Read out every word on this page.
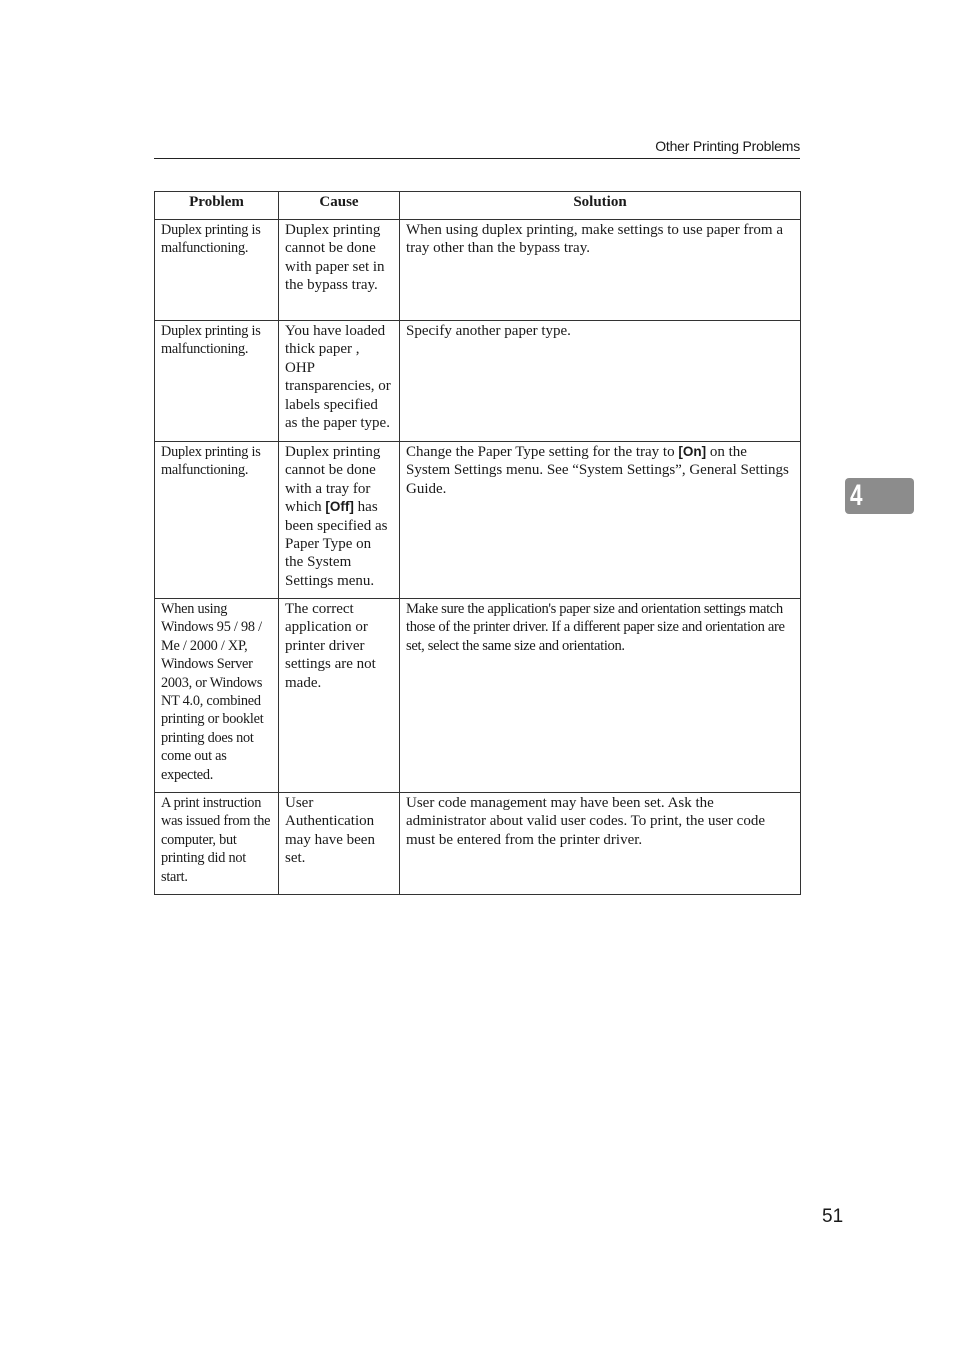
Other Printing Problems
Problem	Cause	Solution
Duplex printing is malfunctioning.	Duplex printing cannot be done with paper set in the bypass tray.	When using duplex printing, make settings to use paper from a tray other than the bypass tray.
Duplex printing is malfunctioning.	You have loaded thick paper , OHP transparencies, or labels specified as the paper type.	Specify another paper type.
Duplex printing is malfunctioning.	Duplex printing cannot be done with a tray for which [Off] has been specified as Paper Type on the System Settings menu.	Change the Paper Type setting for the tray to [On] on the System Settings menu. See “System Settings”, General Settings Guide.
When using Windows 95 / 98 / Me / 2000 / XP, Windows Server 2003, or Windows NT 4.0, combined printing or booklet printing does not come out as expected.	The correct application or printer driver settings are not made.	Make sure the application's paper size and orientation settings match those of the printer driver. If a different paper size and orientation are set, select the same size and orientation.
A print instruction was issued from the computer, but printing did not start.	User Authentication may have been set.	User code management may have been set. Ask the administrator about valid user codes. To print, the user code must be entered from the printer driver.
4
51
